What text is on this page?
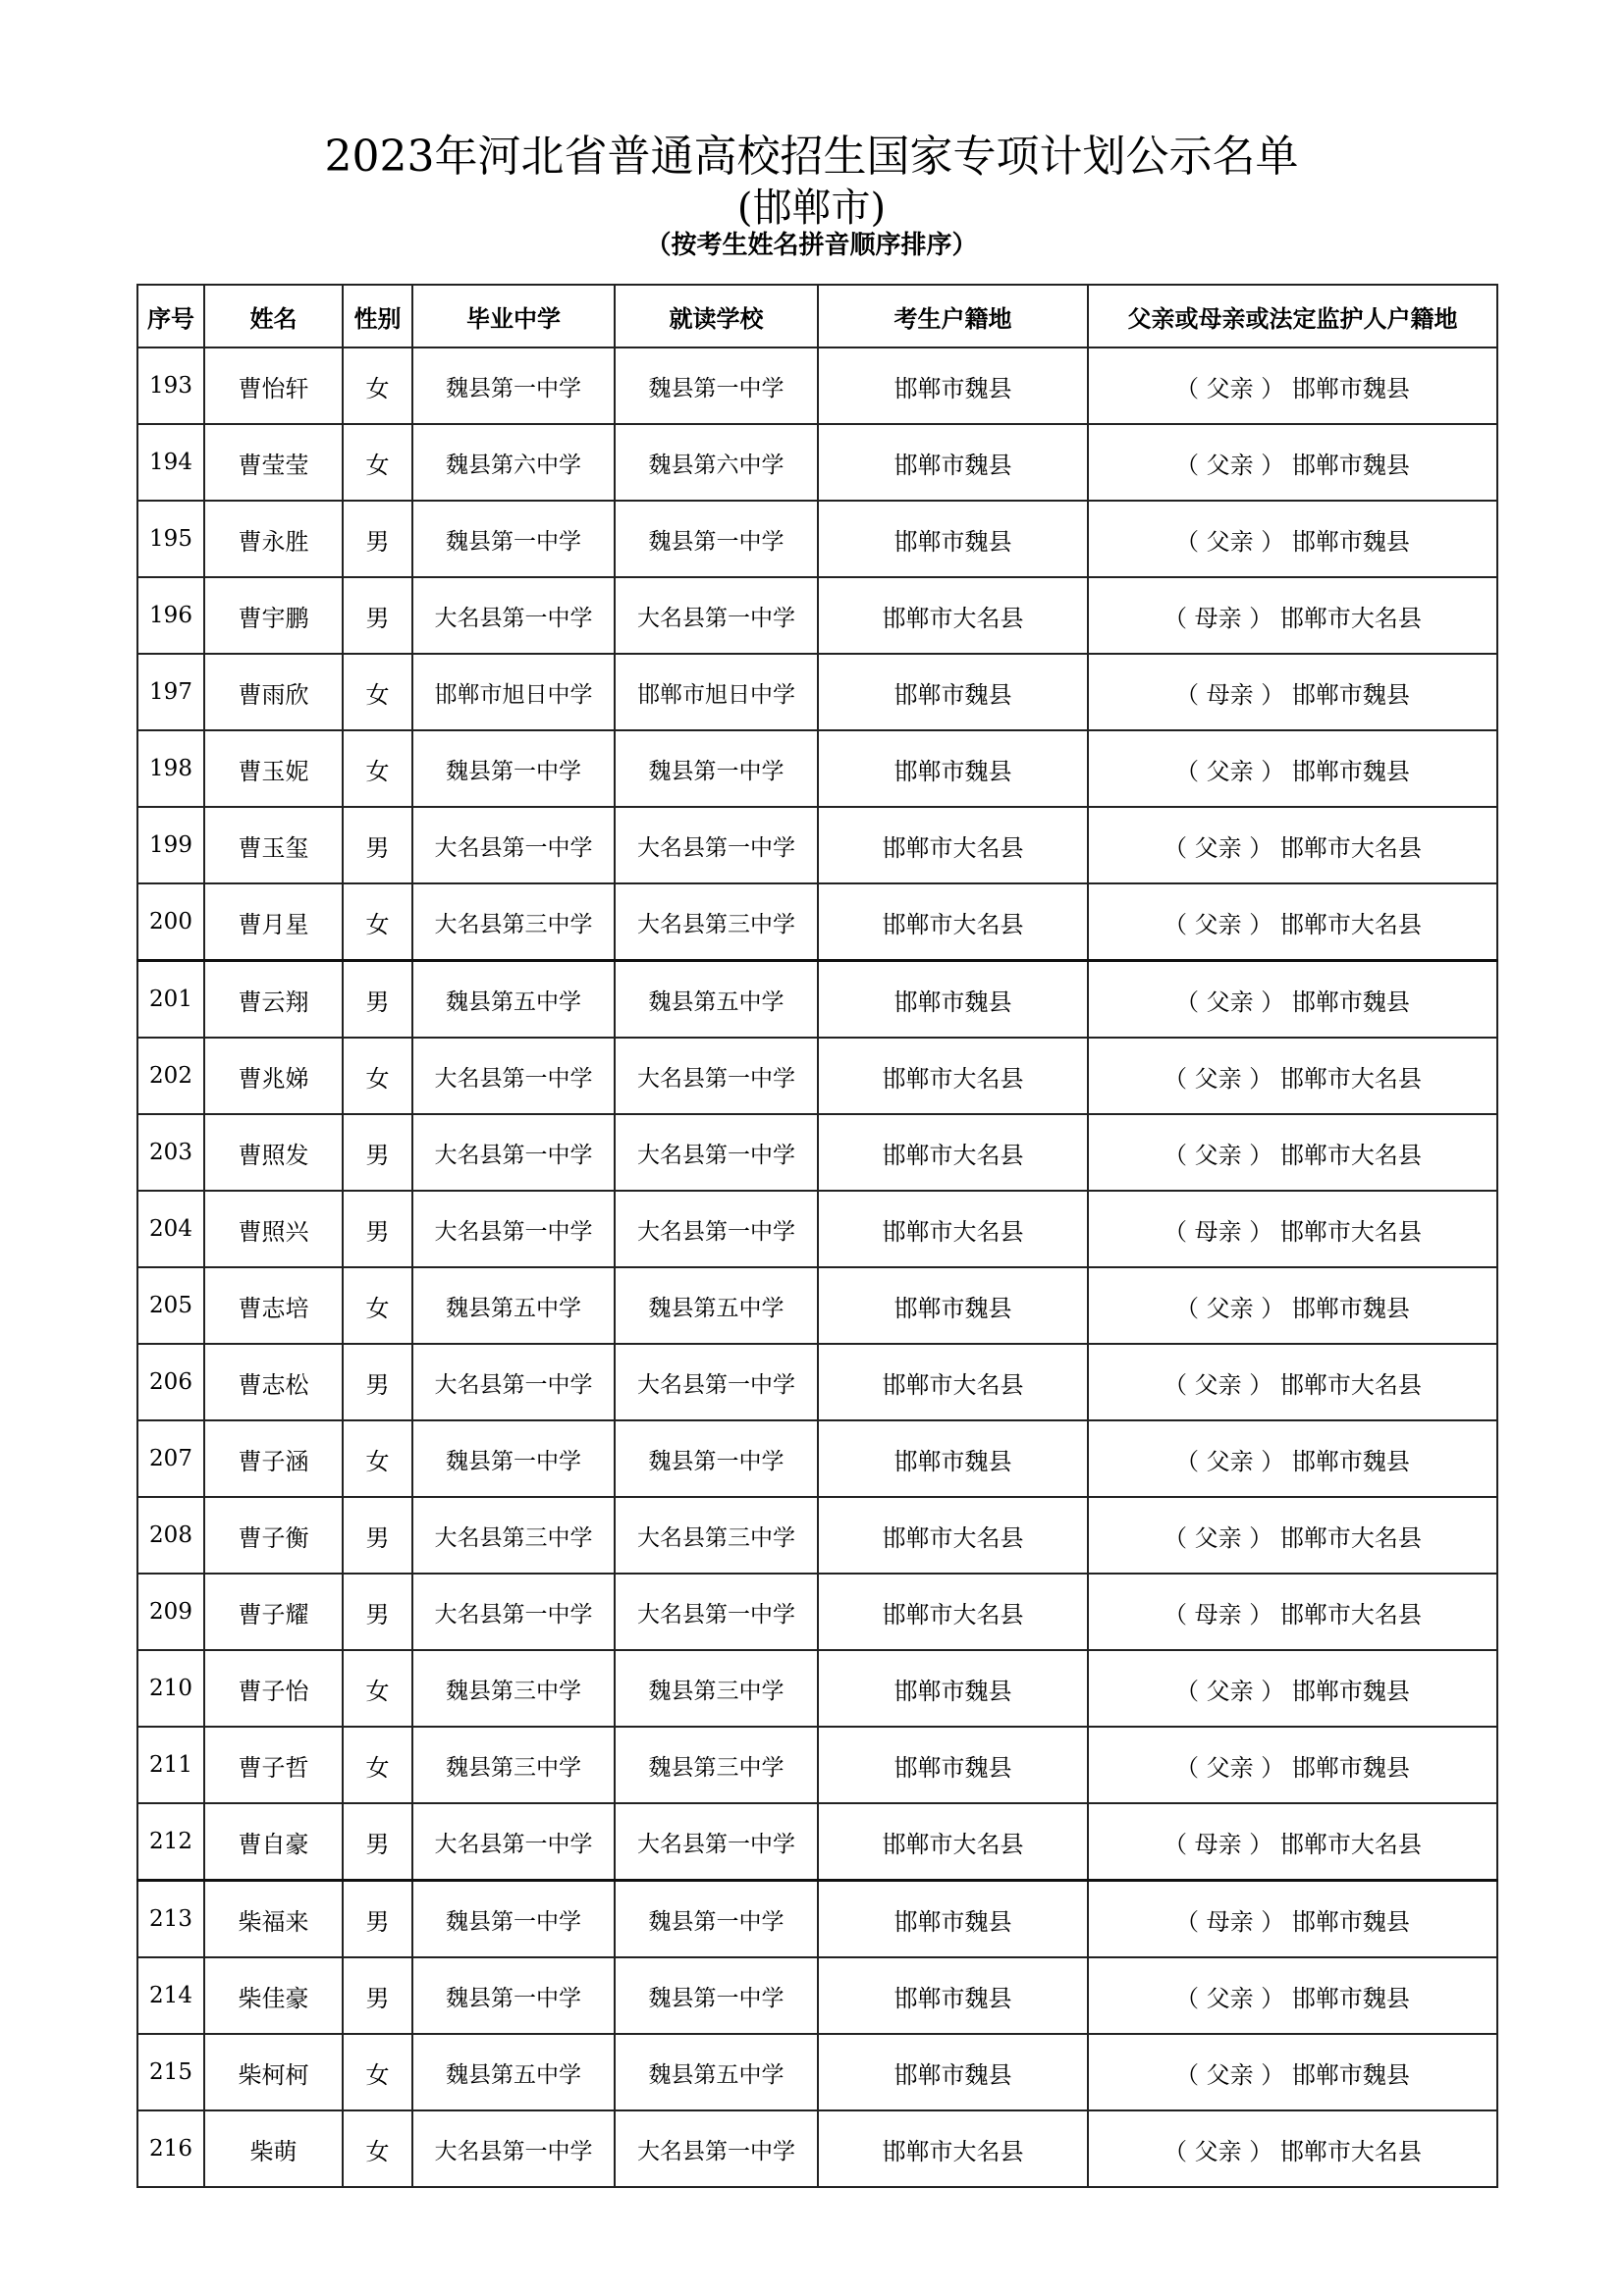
2023年河北省普通高校招生国家专项计划公示名单
(邯郸市)
（按考生姓名拼音顺序排序）
序号	姓名	性别	毕业中学	就读学校	考生户籍地	父亲或母亲或法定监护人户籍地
193	曹怡轩	女	魏县第一中学	魏县第一中学	邯郸市魏县	（ 父亲 ） 邯郸市魏县
194	曹莹莹	女	魏县第六中学	魏县第六中学	邯郸市魏县	（ 父亲 ） 邯郸市魏县
195	曹永胜	男	魏县第一中学	魏县第一中学	邯郸市魏县	（ 父亲 ） 邯郸市魏县
196	曹宇鹏	男	大名县第一中学	大名县第一中学	邯郸市大名县	（ 母亲 ） 邯郸市大名县
197	曹雨欣	女	邯郸市旭日中学	邯郸市旭日中学	邯郸市魏县	（ 母亲 ） 邯郸市魏县
198	曹玉妮	女	魏县第一中学	魏县第一中学	邯郸市魏县	（ 父亲 ） 邯郸市魏县
199	曹玉玺	男	大名县第一中学	大名县第一中学	邯郸市大名县	（ 父亲 ） 邯郸市大名县
200	曹月星	女	大名县第三中学	大名县第三中学	邯郸市大名县	（ 父亲 ） 邯郸市大名县
201	曹云翔	男	魏县第五中学	魏县第五中学	邯郸市魏县	（ 父亲 ） 邯郸市魏县
202	曹兆娣	女	大名县第一中学	大名县第一中学	邯郸市大名县	（ 父亲 ） 邯郸市大名县
203	曹照发	男	大名县第一中学	大名县第一中学	邯郸市大名县	（ 父亲 ） 邯郸市大名县
204	曹照兴	男	大名县第一中学	大名县第一中学	邯郸市大名县	（ 母亲 ） 邯郸市大名县
205	曹志培	女	魏县第五中学	魏县第五中学	邯郸市魏县	（ 父亲 ） 邯郸市魏县
206	曹志松	男	大名县第一中学	大名县第一中学	邯郸市大名县	（ 父亲 ） 邯郸市大名县
207	曹子涵	女	魏县第一中学	魏县第一中学	邯郸市魏县	（ 父亲 ） 邯郸市魏县
208	曹子衡	男	大名县第三中学	大名县第三中学	邯郸市大名县	（ 父亲 ） 邯郸市大名县
209	曹子耀	男	大名县第一中学	大名县第一中学	邯郸市大名县	（ 母亲 ） 邯郸市大名县
210	曹子怡	女	魏县第三中学	魏县第三中学	邯郸市魏县	（ 父亲 ） 邯郸市魏县
211	曹子哲	女	魏县第三中学	魏县第三中学	邯郸市魏县	（ 父亲 ） 邯郸市魏县
212	曹自豪	男	大名县第一中学	大名县第一中学	邯郸市大名县	（ 母亲 ） 邯郸市大名县
213	柴福来	男	魏县第一中学	魏县第一中学	邯郸市魏县	（ 母亲 ） 邯郸市魏县
214	柴佳豪	男	魏县第一中学	魏县第一中学	邯郸市魏县	（ 父亲 ） 邯郸市魏县
215	柴柯柯	女	魏县第五中学	魏县第五中学	邯郸市魏县	（ 父亲 ） 邯郸市魏县
216	柴萌	女	大名县第一中学	大名县第一中学	邯郸市大名县	（ 父亲 ） 邯郸市大名县
